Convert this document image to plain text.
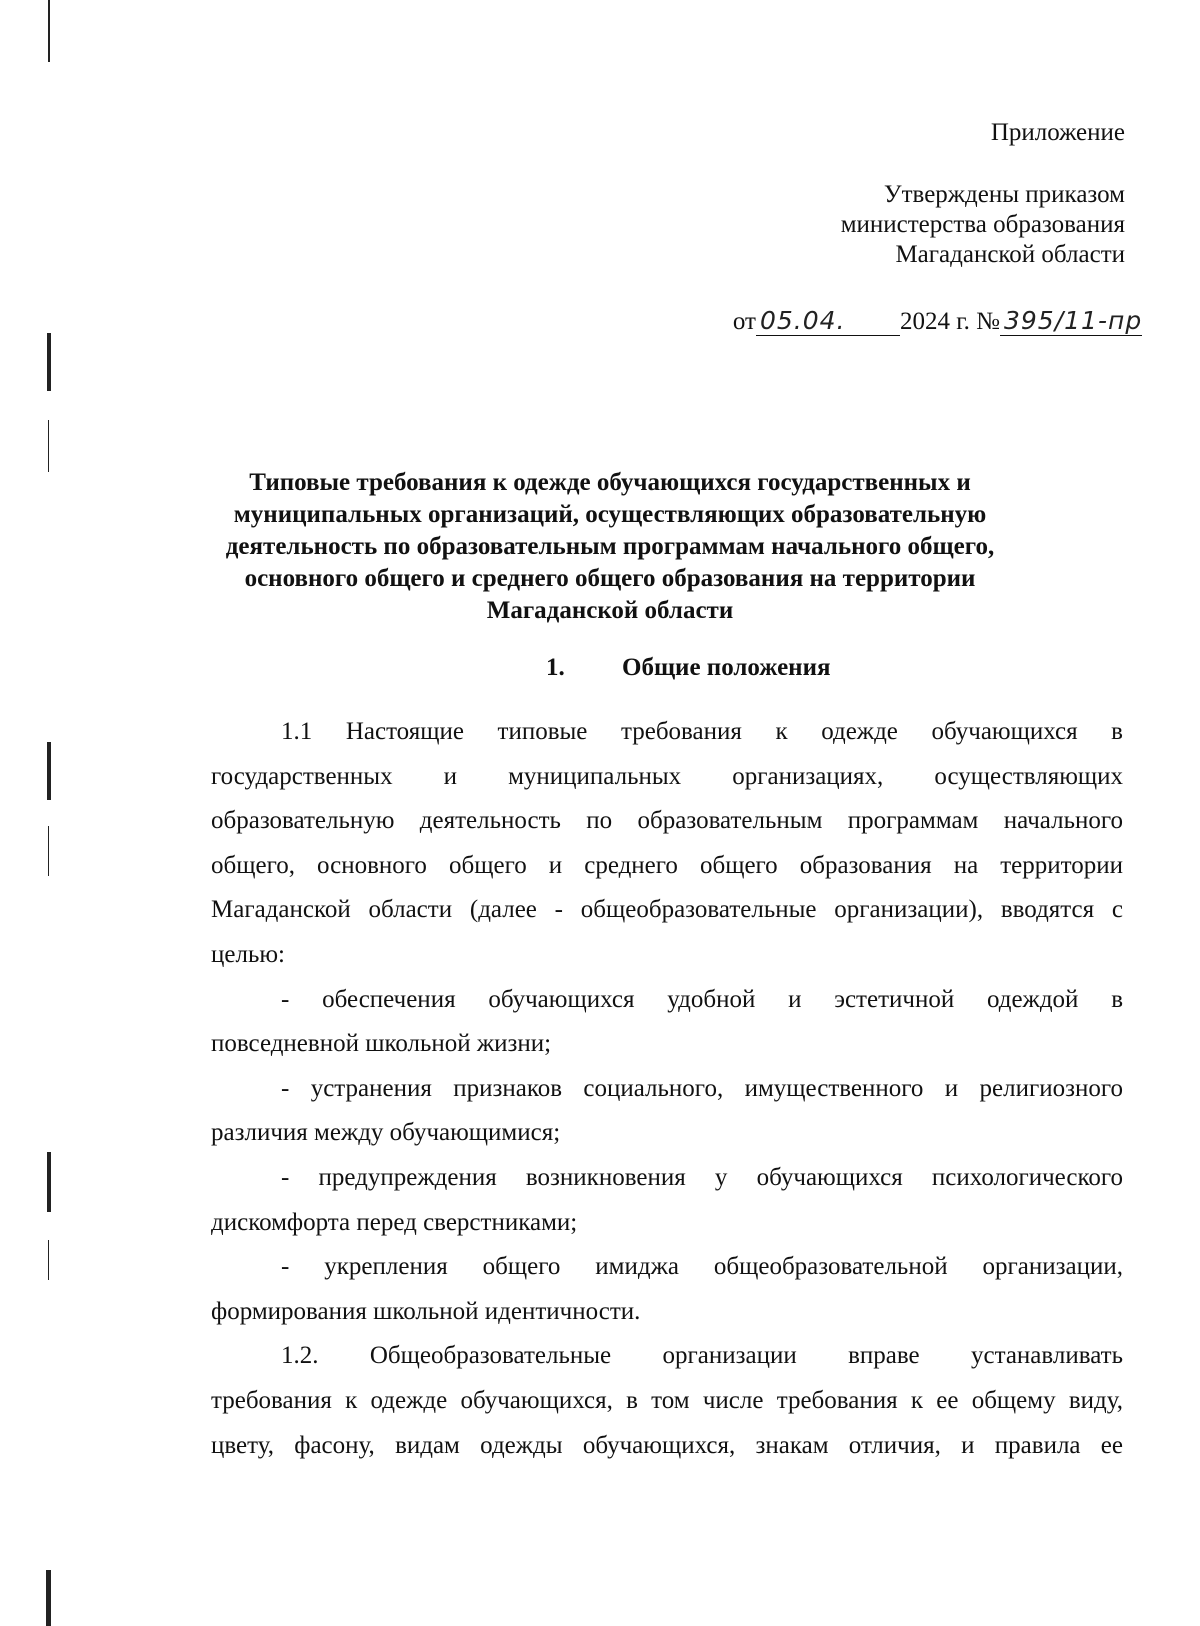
Приложение
Утверждены приказом
министерства образования
Магаданской области
от 05.04. 2024 г. № 395/11-пр
Типовые требования к одежде обучающихся государственных и
муниципальных организаций, осуществляющих образовательную
деятельность по образовательным программам начального общего,
основного общего и среднего общего образования на территории
Магаданской области
1. Общие положения
1.1 Настоящие типовые требования к одежде обучающихся в
государственных и муниципальных организациях, осуществляющих
образовательную деятельность по образовательным программам начального
общего, основного общего и среднего общего образования на территории
Магаданской области (далее - общеобразовательные организации), вводятся с
целью:
- обеспечения обучающихся удобной и эстетичной одеждой в
повседневной школьной жизни;
- устранения признаков социального, имущественного и религиозного
различия между обучающимися;
- предупреждения возникновения у обучающихся психологического
дискомфорта перед сверстниками;
- укрепления общего имиджа общеобразовательной организации,
формирования школьной идентичности.
1.2. Общеобразовательные организации вправе устанавливать
требования к одежде обучающихся, в том числе требования к ее общему виду,
цвету, фасону, видам одежды обучающихся, знакам отличия, и правила ее
